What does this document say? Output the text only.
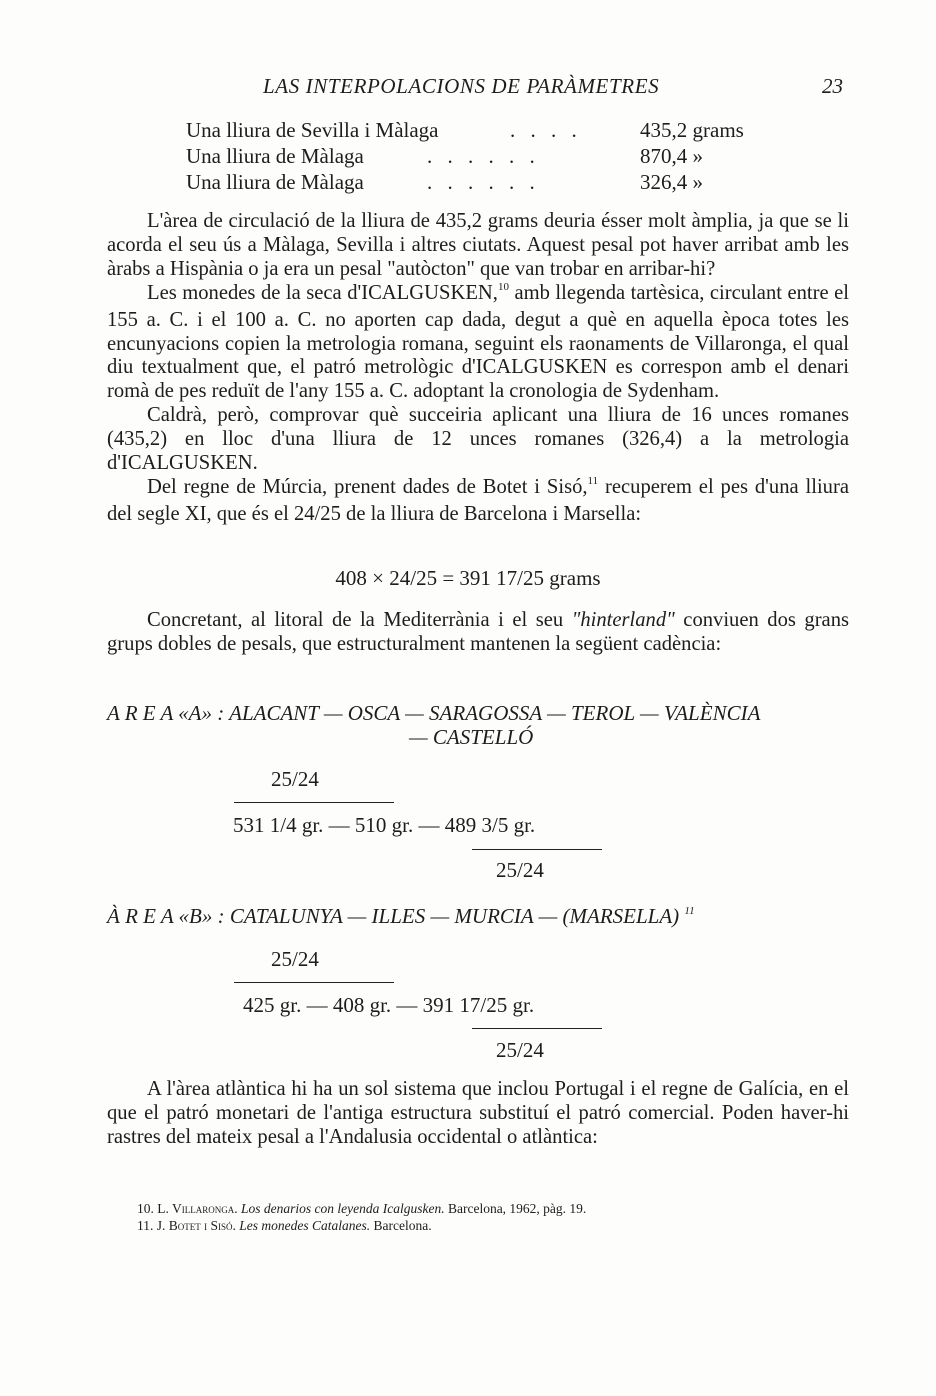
LAS INTERPOLACIONS DE PARÀMETRES	23
Una lliura de Sevilla i Màlaga	. . . .	435,2 grams
Una lliura de Màlaga	. . . . . .	870,4 »
Una lliura de Màlaga	. . . . . .	326,4 »

L'àrea de circulació de la lliura de 435,2 grams deuria ésser molt àmplia, ja que se li acorda el seu ús a Màlaga, Sevilla i altres ciutats. Aquest pesal pot haver arribat amb les àrabs a Hispània o ja era un pesal "autòcton" que van trobar en arribar-hi?

Les monedes de la seca d'ICALGUSKEN,$^{10}$ amb llegenda tartèsica, circulant entre el 155 a. C. i el 100 a. C. no aporten cap dada, degut a què en aquella època totes les encunyacions copien la metrologia romana, seguint els raonaments de Villaronga, el qual diu textualment que, el patró metrològic d'ICALGUSKEN es correspon amb el denari romà de pes reduït de l'any 155 a. C. adoptant la cronologia de Sydenham.

Caldrà, però, comprovar què succeiria aplicant una lliura de 16 unces romanes (435,2) en lloc d'una lliura de 12 unces romanes (326,4) a la metrologia d'ICALGUSKEN.

Del regne de Múrcia, prenent dades de Botet i Sisó,$^{11}$ recuperem el pes d'una lliura del segle XI, que és el 24/25 de la lliura de Barcelona i Marsella:

408 × 24/25 = 391 17/25 grams

Concretant, al litoral de la Mediterrània i el seu "hinterland" conviuen dos grans grups dobles de pesals, que estructuralment mantenen la següent cadència:

A R E A «A» : ALACANT — OSCA — SARAGOSSA — TEROL — VALÈNCIA
— CASTELLÓ
25/24
531 1/4 gr. — 510 gr. — 489 3/5 gr.
25/24
À R E A «B» : CATALUNYA — ILLES — MURCIA — (MARSELLA) $^{11}$
25/24
425 gr. — 408 gr. — 391 17/25 gr.
25/24

A l'àrea atlàntica hi ha un sol sistema que inclou Portugal i el regne de Galícia, en el que el patró monetari de l'antiga estructura substituí el patró comercial. Poden haver-hi rastres del mateix pesal a l'Andalusia occidental o atlàntica:

10. L. Villaronga. Los denarios con leyenda Icalgusken. Barcelona, 1962, pàg. 19.
11. J. Botet i Sisó. Les monedes Catalanes. Barcelona.
